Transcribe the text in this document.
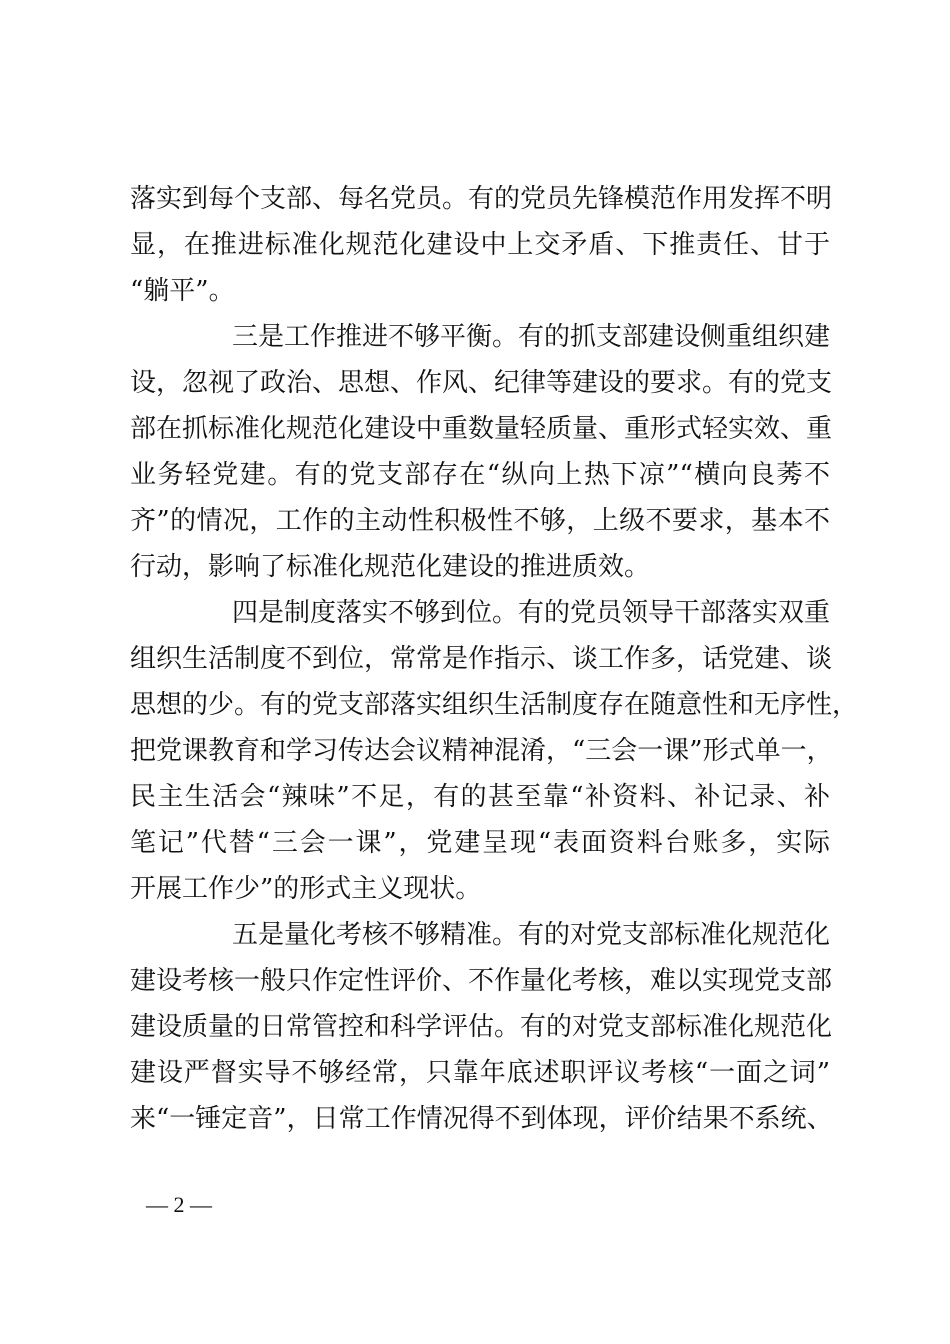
落实到每个支部、每名党员。有的党员先锋模范作用发挥不明
显，在推进标准化规范化建设中上交矛盾、下推责任、甘于
“躺平”。
三是工作推进不够平衡。有的抓支部建设侧重组织建
设，忽视了政治、思想、作风、纪律等建设的要求。有的党支
部在抓标准化规范化建设中重数量轻质量、重形式轻实效、重
业务轻党建。有的党支部存在“纵向上热下凉”“横向良莠不
齐”的情况，工作的主动性积极性不够，上级不要求，基本不
行动，影响了标准化规范化建设的推进质效。
四是制度落实不够到位。有的党员领导干部落实双重
组织生活制度不到位，常常是作指示、谈工作多，话党建、谈
思想的少。有的党支部落实组织生活制度存在随意性和无序性，
把党课教育和学习传达会议精神混淆，“三会一课”形式单一，
民主生活会“辣味”不足，有的甚至靠“补资料、补记录、补
笔记”代替“三会一课”，党建呈现“表面资料台账多，实际
开展工作少”的形式主义现状。
五是量化考核不够精准。有的对党支部标准化规范化
建设考核一般只作定性评价、不作量化考核，难以实现党支部
建设质量的日常管控和科学评估。有的对党支部标准化规范化
建设严督实导不够经常，只靠年底述职评议考核“一面之词”
来“一锤定音”，日常工作情况得不到体现，评价结果不系统、
— 2 —
